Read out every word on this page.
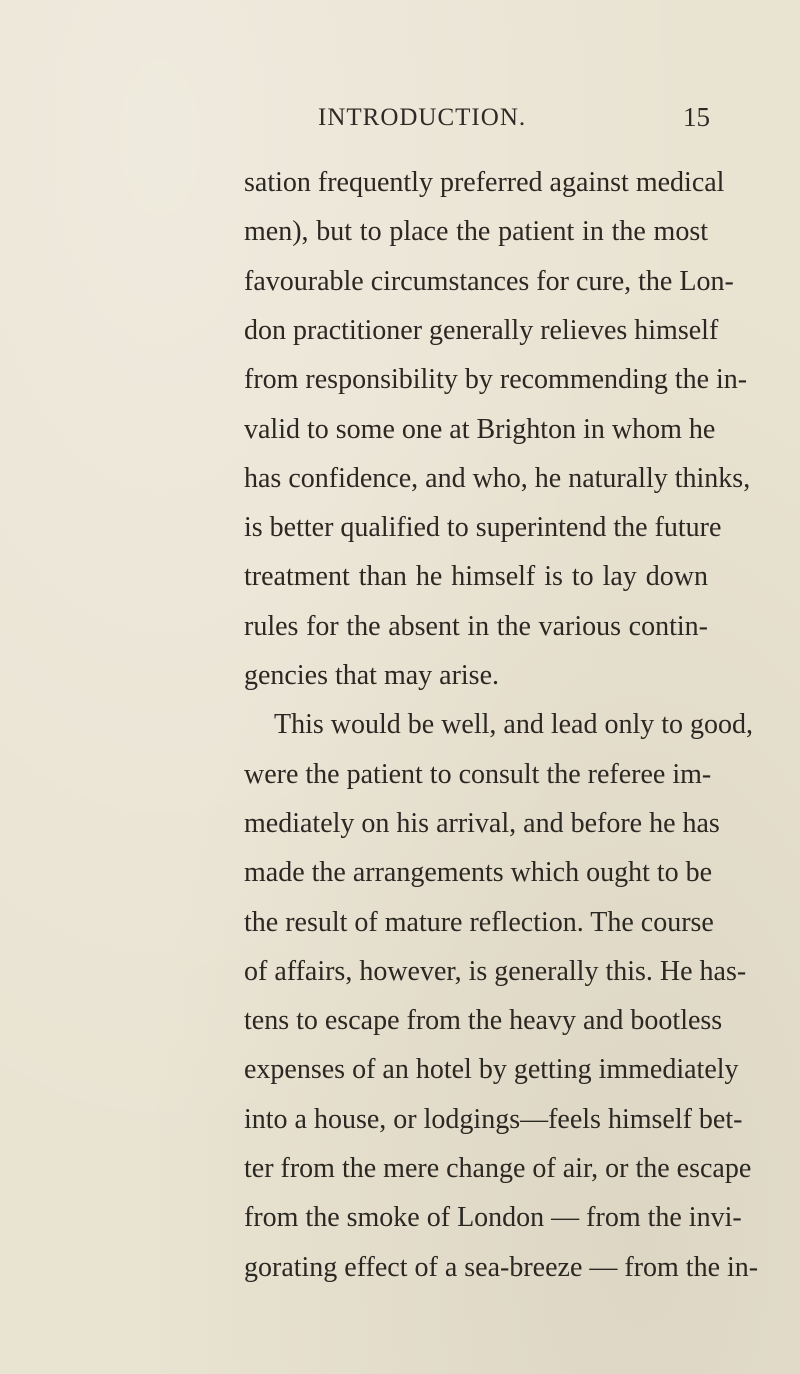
INTRODUCTION.	15
sation frequently preferred against medical
men), but to place the patient in the most
favourable circumstances for cure, the Lon-
don practitioner generally relieves himself
from responsibility by recommending the in-
valid to some one at Brighton in whom he
has confidence, and who, he naturally thinks,
is better qualified to superintend the future
treatment than he himself is to lay down
rules for the absent in the various contin-
gencies that may arise.
This would be well, and lead only to good,
were the patient to consult the referee im-
mediately on his arrival, and before he has
made the arrangements which ought to be
the result of mature reflection. The course
of affairs, however, is generally this. He has-
tens to escape from the heavy and bootless
expenses of an hotel by getting immediately
into a house, or lodgings—feels himself bet-
ter from the mere change of air, or the escape
from the smoke of London — from the invi-
gorating effect of a sea-breeze — from the in-
